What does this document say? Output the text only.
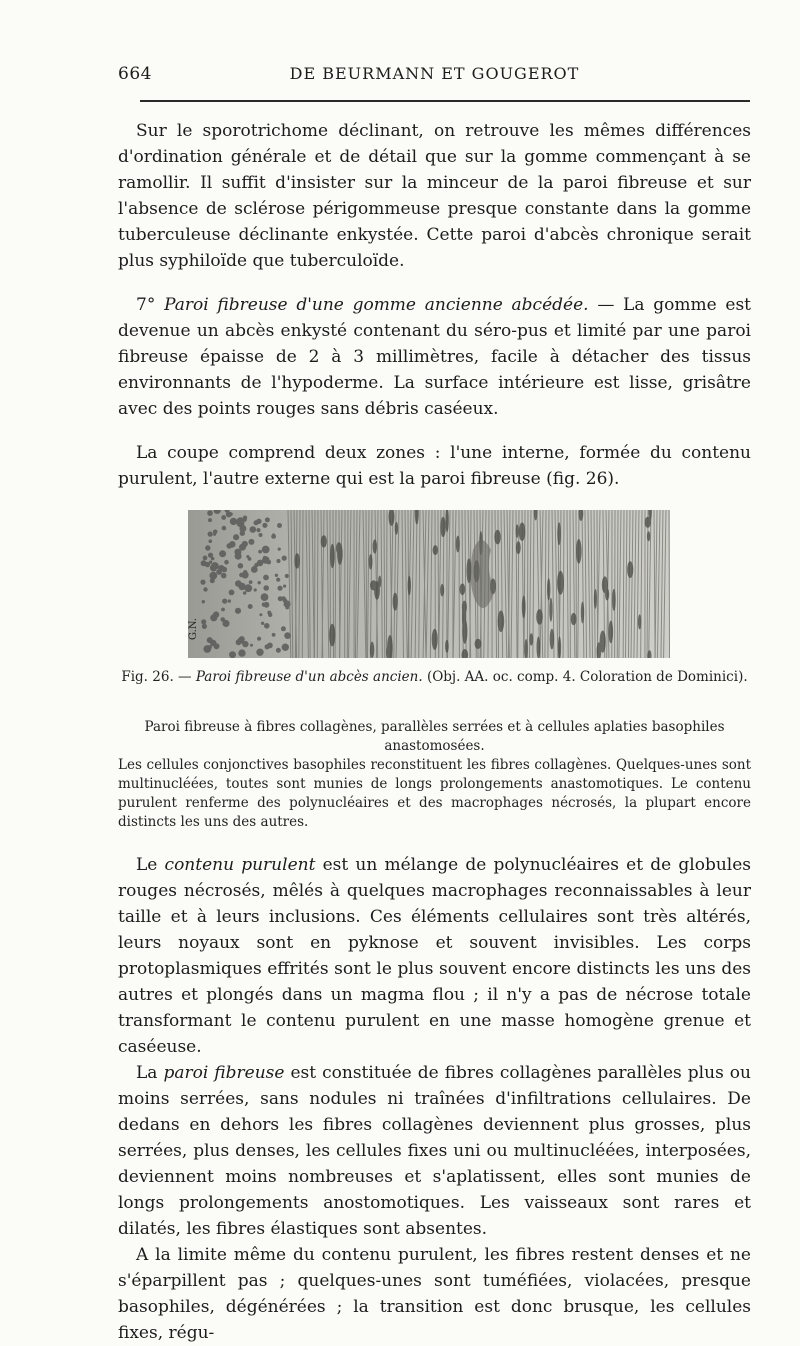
664	DE BEURMANN ET GOUGEROT

Sur le sporotrichome déclinant, on retrouve les mêmes différences d'ordination générale et de détail que sur la gomme commençant à se ramollir. Il suffit d'insister sur la minceur de la paroi fibreuse et sur l'absence de sclérose périgommeuse presque constante dans la gomme tuberculeuse déclinante enkystée. Cette paroi d'abcès chronique serait plus syphiloïde que tuberculoïde.

7° Paroi fibreuse d'une gomme ancienne abcédée. — La gomme est devenue un abcès enkysté contenant du séro-pus et limité par une paroi fibreuse épaisse de 2 à 3 millimètres, facile à détacher des tissus environnants de l'hypoderme. La surface intérieure est lisse, grisâtre avec des points rouges sans débris caséeux.

La coupe comprend deux zones : l'une interne, formée du contenu purulent, l'autre externe qui est la paroi fibreuse (fig. 26).

G.N.

Fig. 26. — Paroi fibreuse d'un abcès ancien. (Obj. AA. oc. comp. 4. Coloration de Dominici).

Paroi fibreuse à fibres collagènes, parallèles serrées et à cellules aplaties basophiles anastomosées.

Les cellules conjonctives basophiles reconstituent les fibres collagènes. Quelques-unes sont multinucléées, toutes sont munies de longs prolongements anastomotiques. Le contenu purulent renferme des polynucléaires et des macrophages nécrosés, la plupart encore distincts les uns des autres.

Le contenu purulent est un mélange de polynucléaires et de globules rouges nécrosés, mêlés à quelques macrophages reconnaissables à leur taille et à leurs inclusions. Ces éléments cellulaires sont très altérés, leurs noyaux sont en pyknose et souvent invisibles. Les corps protoplasmiques effrités sont le plus souvent encore distincts les uns des autres et plongés dans un magma flou ; il n'y a pas de nécrose totale transformant le contenu purulent en une masse homogène grenue et caséeuse.

La paroi fibreuse est constituée de fibres collagènes parallèles plus ou moins serrées, sans nodules ni traînées d'infiltrations cellulaires. De dedans en dehors les fibres collagènes deviennent plus grosses, plus serrées, plus denses, les cellules fixes uni ou multinucléées, interposées, deviennent moins nombreuses et s'aplatissent, elles sont munies de longs prolongements anostomotiques. Les vaisseaux sont rares et dilatés, les fibres élastiques sont absentes.

A la limite même du contenu purulent, les fibres restent denses et ne s'éparpillent pas ; quelques-unes sont tuméfiées, violacées, presque basophiles, dégénérées ; la transition est donc brusque, les cellules fixes, régu-
